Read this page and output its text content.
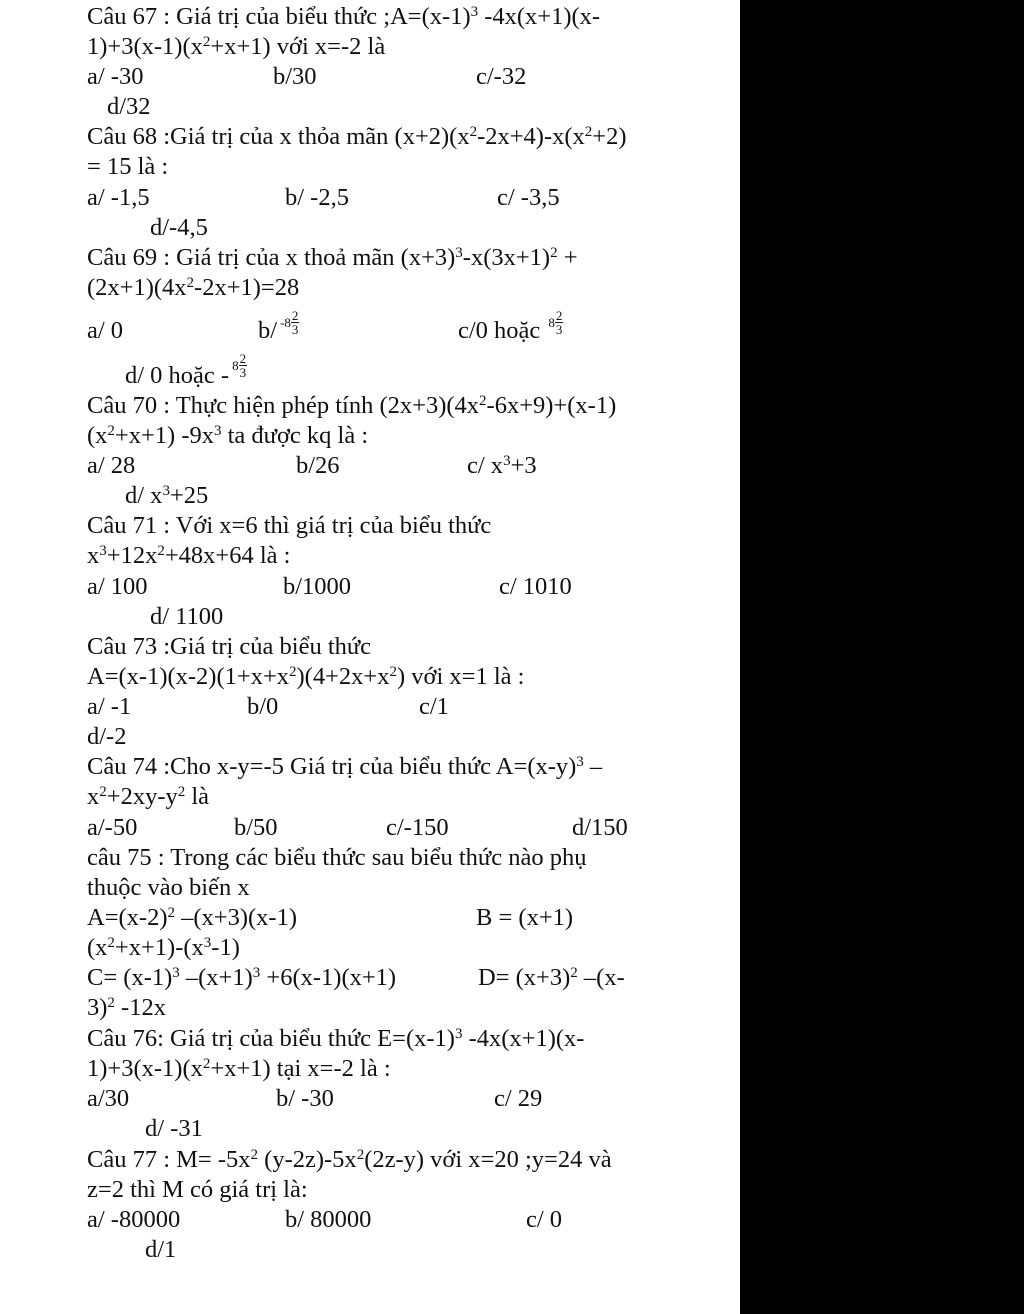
Câu 67 : Giá trị của biểu thức $;A=(x-1)^3$ -4x(x+1)(x-
$1)+3(x-1)(x^2+x+1)$ với x=-2 là
a/ -30	b/30	c/-32
d/32
Câu 68 :Giá trị của x thỏa mãn $(x+2)(x^2-2x+4)-x(x^2+2)$
= 15 là :
a/ -1,5	b/ -2,5	c/ -3,5
d/-4,5
Câu 69 : Giá trị của x thoả mãn $(x+3)^3-x(3x+1)^2$ +
$(2x+1)(4x^2-2x+1)=28$
a/ 0	b/ $-8 \frac{2}{3}$	c/0 hoặc $8 \frac{2}{3}$
d/ 0 hoặc - $8 \frac{2}{3}$
Câu 70 : Thực hiện phép tính $(2x+3)(4x^2-6x+9)+(x-1)$
$(x^2+x+1)$ $-9x^3$ ta được kq là :
a/ 28	b/26	c/ $x^3+3$
d/ $x^3+25$
Câu 71 : Với x=6 thì giá trị của biểu thức
$x^3+12x^2+48x+64$ là :
a/ 100	b/1000	c/ 1010
d/ 1100
Câu 73 :Giá trị của biểu thức
$A=(x-1)(x-2)(1+x+x^2)(4+2x+x^2)$ với x=1 là :
a/ -1	b/0	c/1
d/-2
Câu 74 :Cho x-y=-5 Giá trị của biểu thức $A=(x-y)^3$ –
$x^2+2xy-y^2$ là
a/-50	b/50	c/-150	d/150
câu 75 : Trong các biểu thức sau biểu thức nào phụ
thuộc vào biến x
$A=(x-2)^2$ –(x+3)(x-1)	B = (x+1)
$(x^2+x+1)-(x^3-1)$
$C= (x-1)^3$ $-(x+1)^3 +6(x-1)(x+1)$	$D= (x+3)^2$ –(x-
3)$^2$ -12x
Câu 76: Giá trị của biểu thức $E=(x-1)^3$ -4x(x+1)(x-
$1)+3(x-1)(x^2+x+1)$ tại x=-2 là :
a/30	b/ -30	c/ 29
d/ -31
Câu 77 : $M= -5x^2$ $(y-2z)-5x^2(2z-y)$ với x=20 ;y=24 và
z=2 thì M có giá trị là:
a/ -80000	b/ 80000	c/ 0
d/1
